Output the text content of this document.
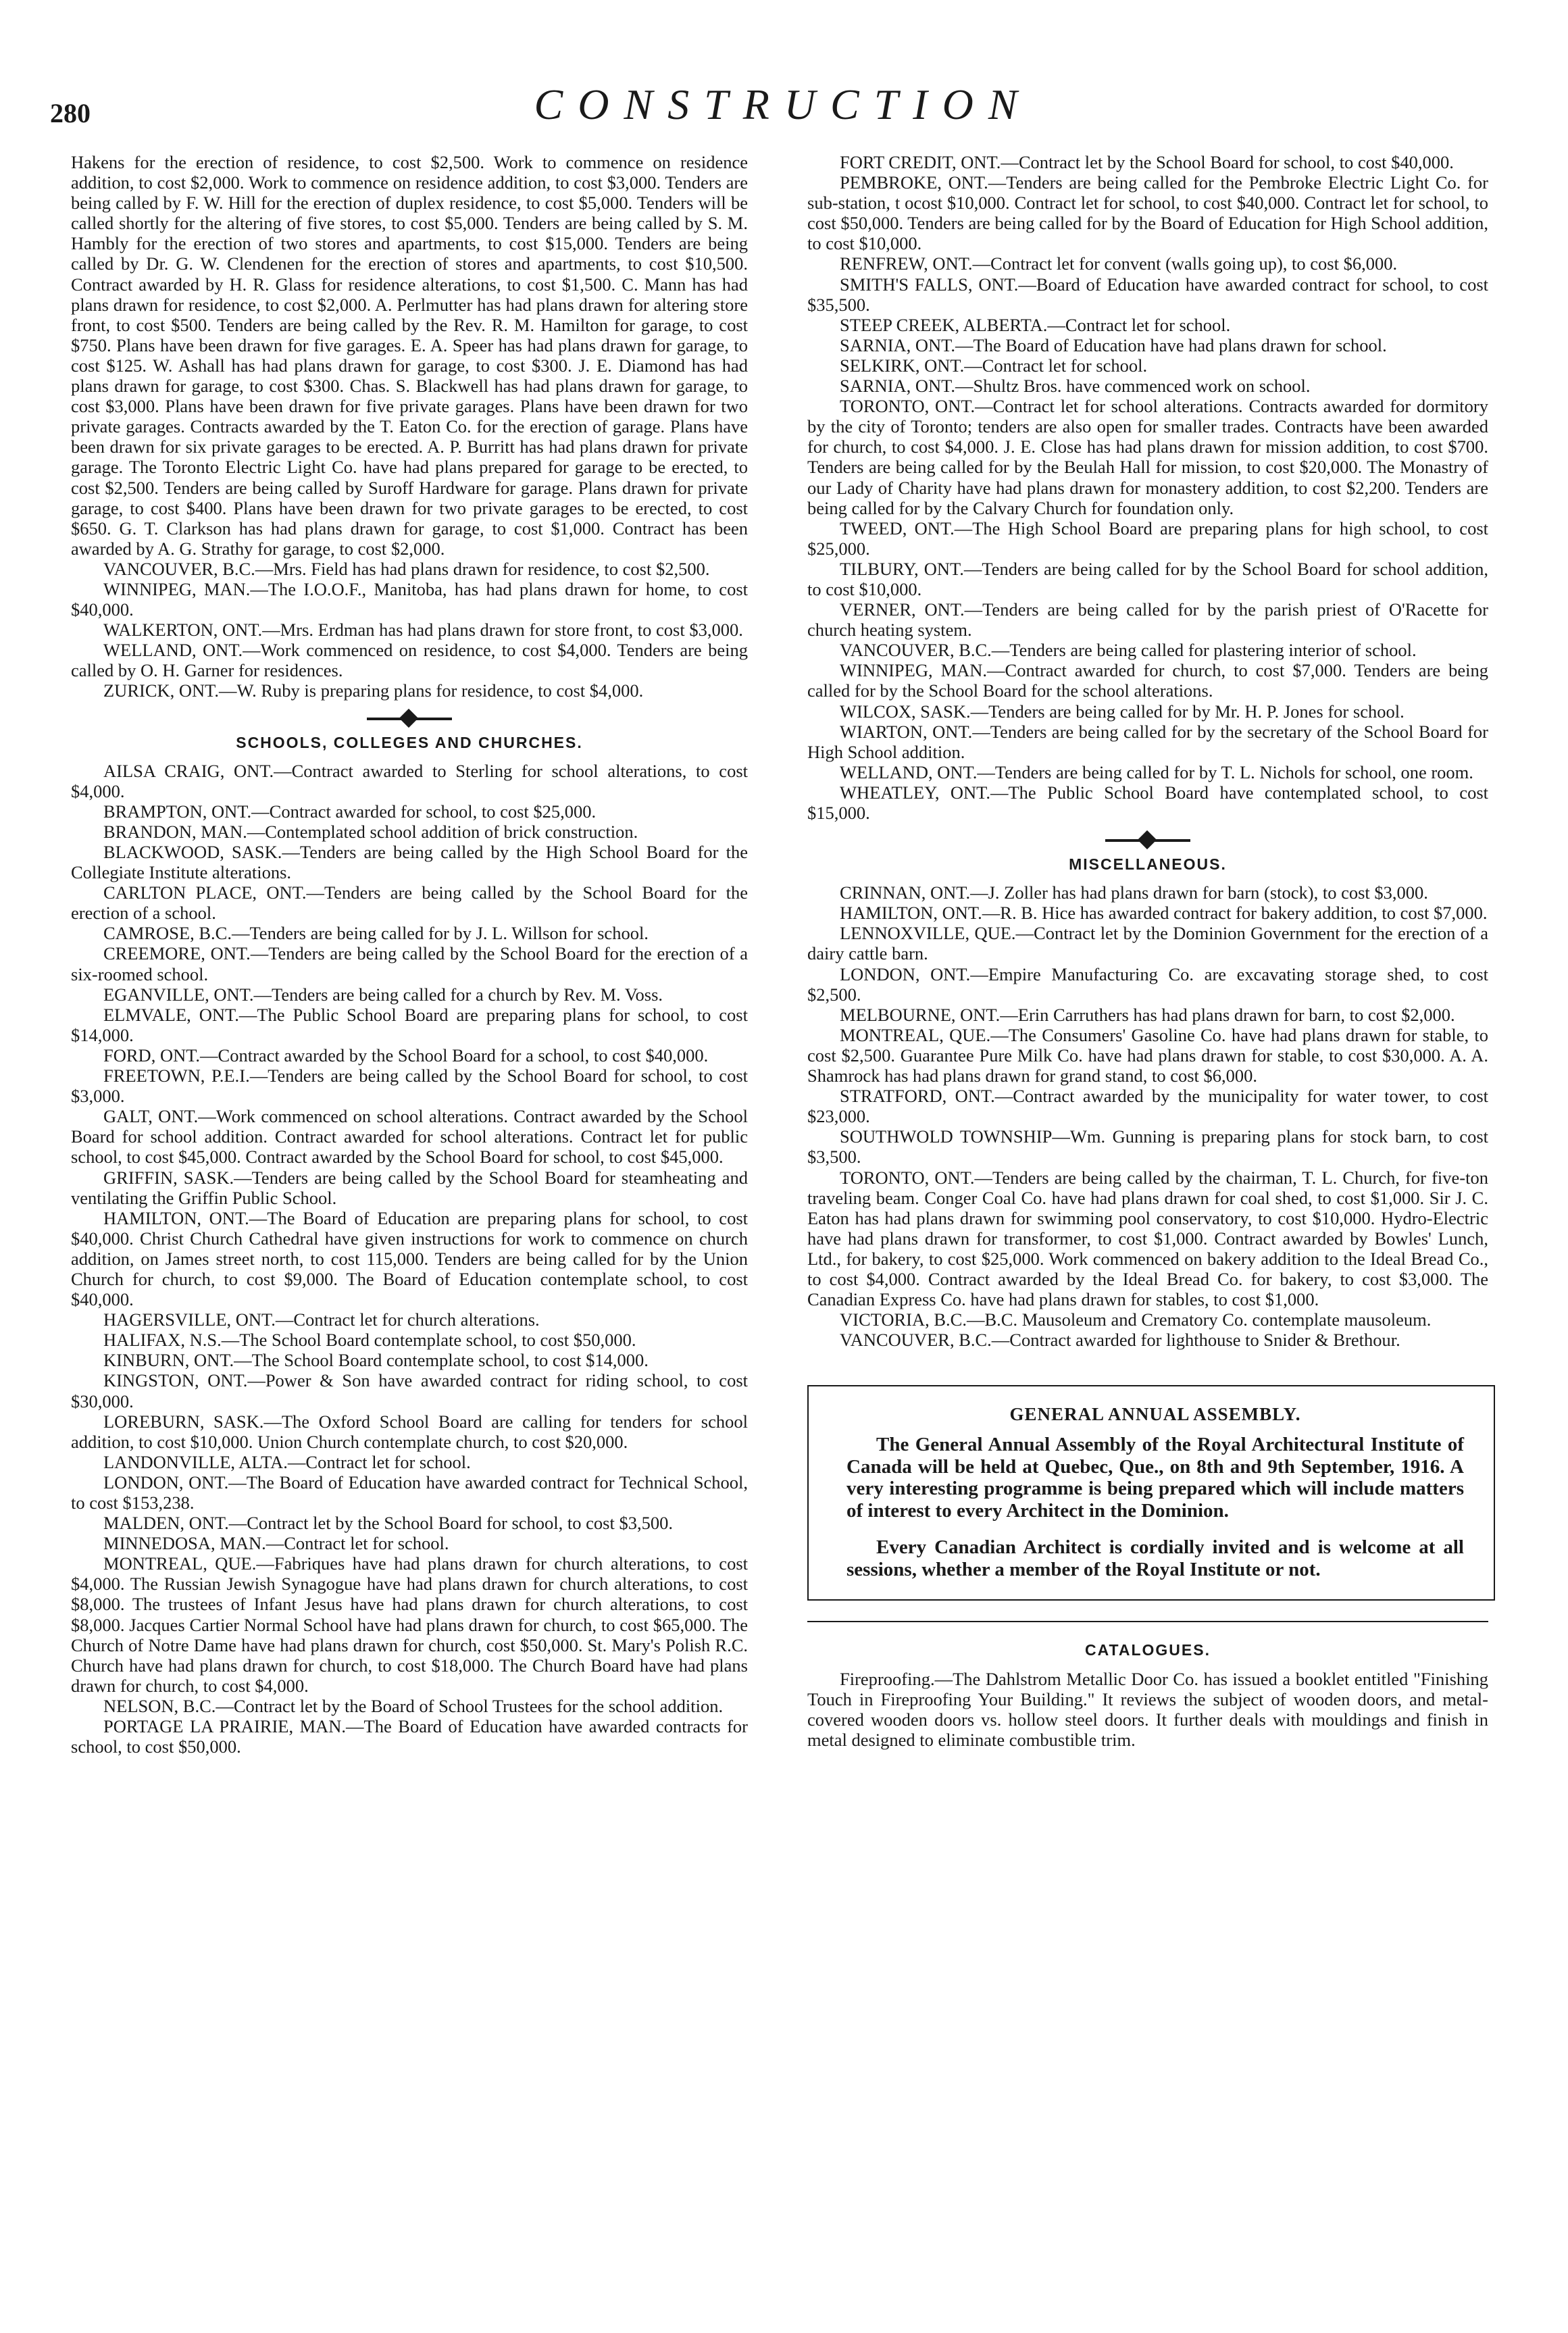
280	CONSTRUCTION

Hakens for the erection of residence, to cost $2,500. Work to commence on residence addition, to cost $2,000. Work to commence on residence addition, to cost $3,000. Tenders are being called by F. W. Hill for the erection of duplex residence, to cost $5,000. Tenders will be called shortly for the altering of five stores, to cost $5,000. Tenders are being called by S. M. Hambly for the erection of two stores and apartments, to cost $15,000. Tenders are being called by Dr. G. W. Clendenen for the erection of stores and apartments, to cost $10,500. Contract awarded by H. R. Glass for residence alterations, to cost $1,500. C. Mann has had plans drawn for residence, to cost $2,000. A. Perlmutter has had plans drawn for altering store front, to cost $500. Tenders are being called by the Rev. R. M. Hamilton for garage, to cost $750. Plans have been drawn for five garages. E. A. Speer has had plans drawn for garage, to cost $125. W. Ashall has had plans drawn for garage, to cost $300. J. E. Diamond has had plans drawn for garage, to cost $300. Chas. S. Blackwell has had plans drawn for garage, to cost $3,000. Plans have been drawn for five private garages. Plans have been drawn for two private garages. Contracts awarded by the T. Eaton Co. for the erection of garage. Plans have been drawn for six private garages to be erected. A. P. Burritt has had plans drawn for private garage. The Toronto Electric Light Co. have had plans prepared for garage to be erected, to cost $2,500. Tenders are being called by Suroff Hardware for garage. Plans drawn for private garage, to cost $400. Plans have been drawn for two private garages to be erected, to cost $650. G. T. Clarkson has had plans drawn for garage, to cost $1,000. Contract has been awarded by A. G. Strathy for garage, to cost $2,000.

VANCOUVER, B.C.—Mrs. Field has had plans drawn for residence, to cost $2,500.

WINNIPEG, MAN.—The I.O.O.F., Manitoba, has had plans drawn for home, to cost $40,000.

WALKERTON, ONT.—Mrs. Erdman has had plans drawn for store front, to cost $3,000.

WELLAND, ONT.—Work commenced on residence, to cost $4,000. Tenders are being called by O. H. Garner for residences.

ZURICK, ONT.—W. Ruby is preparing plans for residence, to cost $4,000.

SCHOOLS, COLLEGES AND CHURCHES.

AILSA CRAIG, ONT.—Contract awarded to Sterling for school alterations, to cost $4,000.

BRAMPTON, ONT.—Contract awarded for school, to cost $25,000.

BRANDON, MAN.—Contemplated school addition of brick construction.

BLACKWOOD, SASK.—Tenders are being called by the High School Board for the Collegiate Institute alterations.

CARLTON PLACE, ONT.—Tenders are being called by the School Board for the erection of a school.

CAMROSE, B.C.—Tenders are being called for by J. L. Willson for school.

CREEMORE, ONT.—Tenders are being called by the School Board for the erection of a six-roomed school.

EGANVILLE, ONT.—Tenders are being called for a church by Rev. M. Voss.

ELMVALE, ONT.—The Public School Board are preparing plans for school, to cost $14,000.

FORD, ONT.—Contract awarded by the School Board for a school, to cost $40,000.

FREETOWN, P.E.I.—Tenders are being called by the School Board for school, to cost $3,000.

GALT, ONT.—Work commenced on school alterations. Contract awarded by the School Board for school addition. Contract awarded for school alterations. Contract let for public school, to cost $45,000. Contract awarded by the School Board for school, to cost $45,000.

GRIFFIN, SASK.—Tenders are being called by the School Board for steamheating and ventilating the Griffin Public School.

HAMILTON, ONT.—The Board of Education are preparing plans for school, to cost $40,000. Christ Church Cathedral have given instructions for work to commence on church addition, on James street north, to cost 115,000. Tenders are being called for by the Union Church for church, to cost $9,000. The Board of Education contemplate school, to cost $40,000.

HAGERSVILLE, ONT.—Contract let for church alterations.

HALIFAX, N.S.—The School Board contemplate school, to cost $50,000.

KINBURN, ONT.—The School Board contemplate school, to cost $14,000.

KINGSTON, ONT.—Power & Son have awarded contract for riding school, to cost $30,000.

LOREBURN, SASK.—The Oxford School Board are calling for tenders for school addition, to cost $10,000. Union Church contemplate church, to cost $20,000.

LANDONVILLE, ALTA.—Contract let for school.

LONDON, ONT.—The Board of Education have awarded contract for Technical School, to cost $153,238.

MALDEN, ONT.—Contract let by the School Board for school, to cost $3,500.

MINNEDOSA, MAN.—Contract let for school.

MONTREAL, QUE.—Fabriques have had plans drawn for church alterations, to cost $4,000. The Russian Jewish Synagogue have had plans drawn for church alterations, to cost $8,000. The trustees of Infant Jesus have had plans drawn for church alterations, to cost $8,000. Jacques Cartier Normal School have had plans drawn for church, to cost $65,000. The Church of Notre Dame have had plans drawn for church, cost $50,000. St. Mary's Polish R.C. Church have had plans drawn for church, to cost $18,000. The Church Board have had plans drawn for church, to cost $4,000.

NELSON, B.C.—Contract let by the Board of School Trustees for the school addition.

PORTAGE LA PRAIRIE, MAN.—The Board of Education have awarded contracts for school, to cost $50,000.

FORT CREDIT, ONT.—Contract let by the School Board for school, to cost $40,000.

PEMBROKE, ONT.—Tenders are being called for the Pembroke Electric Light Co. for sub-station, t ocost $10,000. Contract let for school, to cost $40,000. Contract let for school, to cost $50,000. Tenders are being called for by the Board of Education for High School addition, to cost $10,000.

RENFREW, ONT.—Contract let for convent (walls going up), to cost $6,000.

SMITH'S FALLS, ONT.—Board of Education have awarded contract for school, to cost $35,500.

STEEP CREEK, ALBERTA.—Contract let for school.

SARNIA, ONT.—The Board of Education have had plans drawn for school.

SELKIRK, ONT.—Contract let for school.

SARNIA, ONT.—Shultz Bros. have commenced work on school.

TORONTO, ONT.—Contract let for school alterations. Contracts awarded for dormitory by the city of Toronto; tenders are also open for smaller trades. Contracts have been awarded for church, to cost $4,000. J. E. Close has had plans drawn for mission addition, to cost $700. Tenders are being called for by the Beulah Hall for mission, to cost $20,000. The Monastry of our Lady of Charity have had plans drawn for monastery addition, to cost $2,200. Tenders are being called for by the Calvary Church for foundation only.

TWEED, ONT.—The High School Board are preparing plans for high school, to cost $25,000.

TILBURY, ONT.—Tenders are being called for by the School Board for school addition, to cost $10,000.

VERNER, ONT.—Tenders are being called for by the parish priest of O'Racette for church heating system.

VANCOUVER, B.C.—Tenders are being called for plastering interior of school.

WINNIPEG, MAN.—Contract awarded for church, to cost $7,000. Tenders are being called for by the School Board for the school alterations.

WILCOX, SASK.—Tenders are being called for by Mr. H. P. Jones for school.

WIARTON, ONT.—Tenders are being called for by the secretary of the School Board for High School addition.

WELLAND, ONT.—Tenders are being called for by T. L. Nichols for school, one room.

WHEATLEY, ONT.—The Public School Board have contemplated school, to cost $15,000.

MISCELLANEOUS.

CRINNAN, ONT.—J. Zoller has had plans drawn for barn (stock), to cost $3,000.

HAMILTON, ONT.—R. B. Hice has awarded contract for bakery addition, to cost $7,000.

LENNOXVILLE, QUE.—Contract let by the Dominion Government for the erection of a dairy cattle barn.

LONDON, ONT.—Empire Manufacturing Co. are excavating storage shed, to cost $2,500.

MELBOURNE, ONT.—Erin Carruthers has had plans drawn for barn, to cost $2,000.

MONTREAL, QUE.—The Consumers' Gasoline Co. have had plans drawn for stable, to cost $2,500. Guarantee Pure Milk Co. have had plans drawn for stable, to cost $30,000. A. A. Shamrock has had plans drawn for grand stand, to cost $6,000.

STRATFORD, ONT.—Contract awarded by the municipality for water tower, to cost $23,000.

SOUTHWOLD TOWNSHIP—Wm. Gunning is preparing plans for stock barn, to cost $3,500.

TORONTO, ONT.—Tenders are being called by the chairman, T. L. Church, for five-ton traveling beam. Conger Coal Co. have had plans drawn for coal shed, to cost $1,000. Sir J. C. Eaton has had plans drawn for swimming pool conservatory, to cost $10,000. Hydro-Electric have had plans drawn for transformer, to cost $1,000. Contract awarded by Bowles' Lunch, Ltd., for bakery, to cost $25,000. Work commenced on bakery addition to the Ideal Bread Co., to cost $4,000. Contract awarded by the Ideal Bread Co. for bakery, to cost $3,000. The Canadian Express Co. have had plans drawn for stables, to cost $1,000.

VICTORIA, B.C.—B.C. Mausoleum and Crematory Co. contemplate mausoleum.

VANCOUVER, B.C.—Contract awarded for lighthouse to Snider & Brethour.

GENERAL ANNUAL ASSEMBLY.

The General Annual Assembly of the Royal Architectural Institute of Canada will be held at Quebec, Que., on 8th and 9th September, 1916. A very interesting programme is being prepared which will include matters of interest to every Architect in the Dominion.

Every Canadian Architect is cordially invited and is welcome at all sessions, whether a member of the Royal Institute or not.

CATALOGUES.

Fireproofing.—The Dahlstrom Metallic Door Co. has issued a booklet entitled "Finishing Touch in Fireproofing Your Building." It reviews the subject of wooden doors, and metal-covered wooden doors vs. hollow steel doors. It further deals with mouldings and finish in metal designed to eliminate combustible trim.
